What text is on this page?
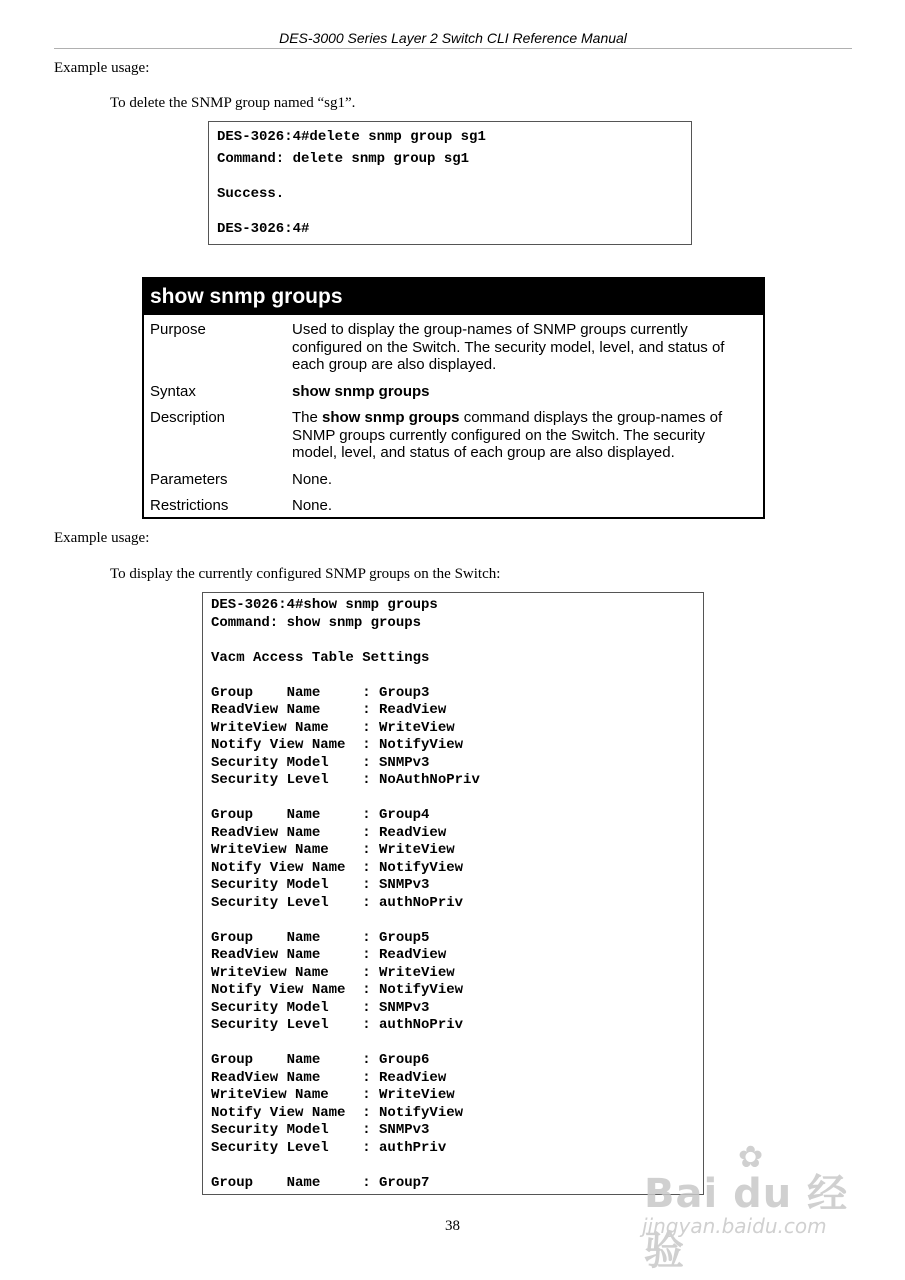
DES-3000 Series Layer 2 Switch CLI Reference Manual
Example usage:
To delete the SNMP group named “sg1”.
DES-3026:4#delete snmp group sg1
Command: delete snmp group sg1
Success.
DES-3026:4#
show snmp groups
Purpose	Used to display the group-names of SNMP groups currently
configured on the Switch. The security model, level, and status of
each group are also displayed.
Syntax	show snmp groups
Description	The show snmp groups command displays the group-names of
SNMP groups currently configured on the Switch. The security
model, level, and status of each group are also displayed.
Parameters	None.
Restrictions	None.
Example usage:
To display the currently configured SNMP groups on the Switch:
DES-3026:4#show snmp groups
Command: show snmp groups
Vacm Access Table Settings
Group    Name     : Group3
ReadView Name     : ReadView
WriteView Name    : WriteView
Notify View Name  : NotifyView
Security Model    : SNMPv3
Security Level    : NoAuthNoPriv
Group    Name     : Group4
ReadView Name     : ReadView
WriteView Name    : WriteView
Notify View Name  : NotifyView
Security Model    : SNMPv3
Security Level    : authNoPriv
Group    Name     : Group5
ReadView Name     : ReadView
WriteView Name    : WriteView
Notify View Name  : NotifyView
Security Model    : SNMPv3
Security Level    : authNoPriv
Group    Name     : Group6
ReadView Name     : ReadView
WriteView Name    : WriteView
Notify View Name  : NotifyView
Security Model    : SNMPv3
Security Level    : authPriv
Group    Name     : Group7
38
✿
Bai du 经验
jingyan.baidu.com
